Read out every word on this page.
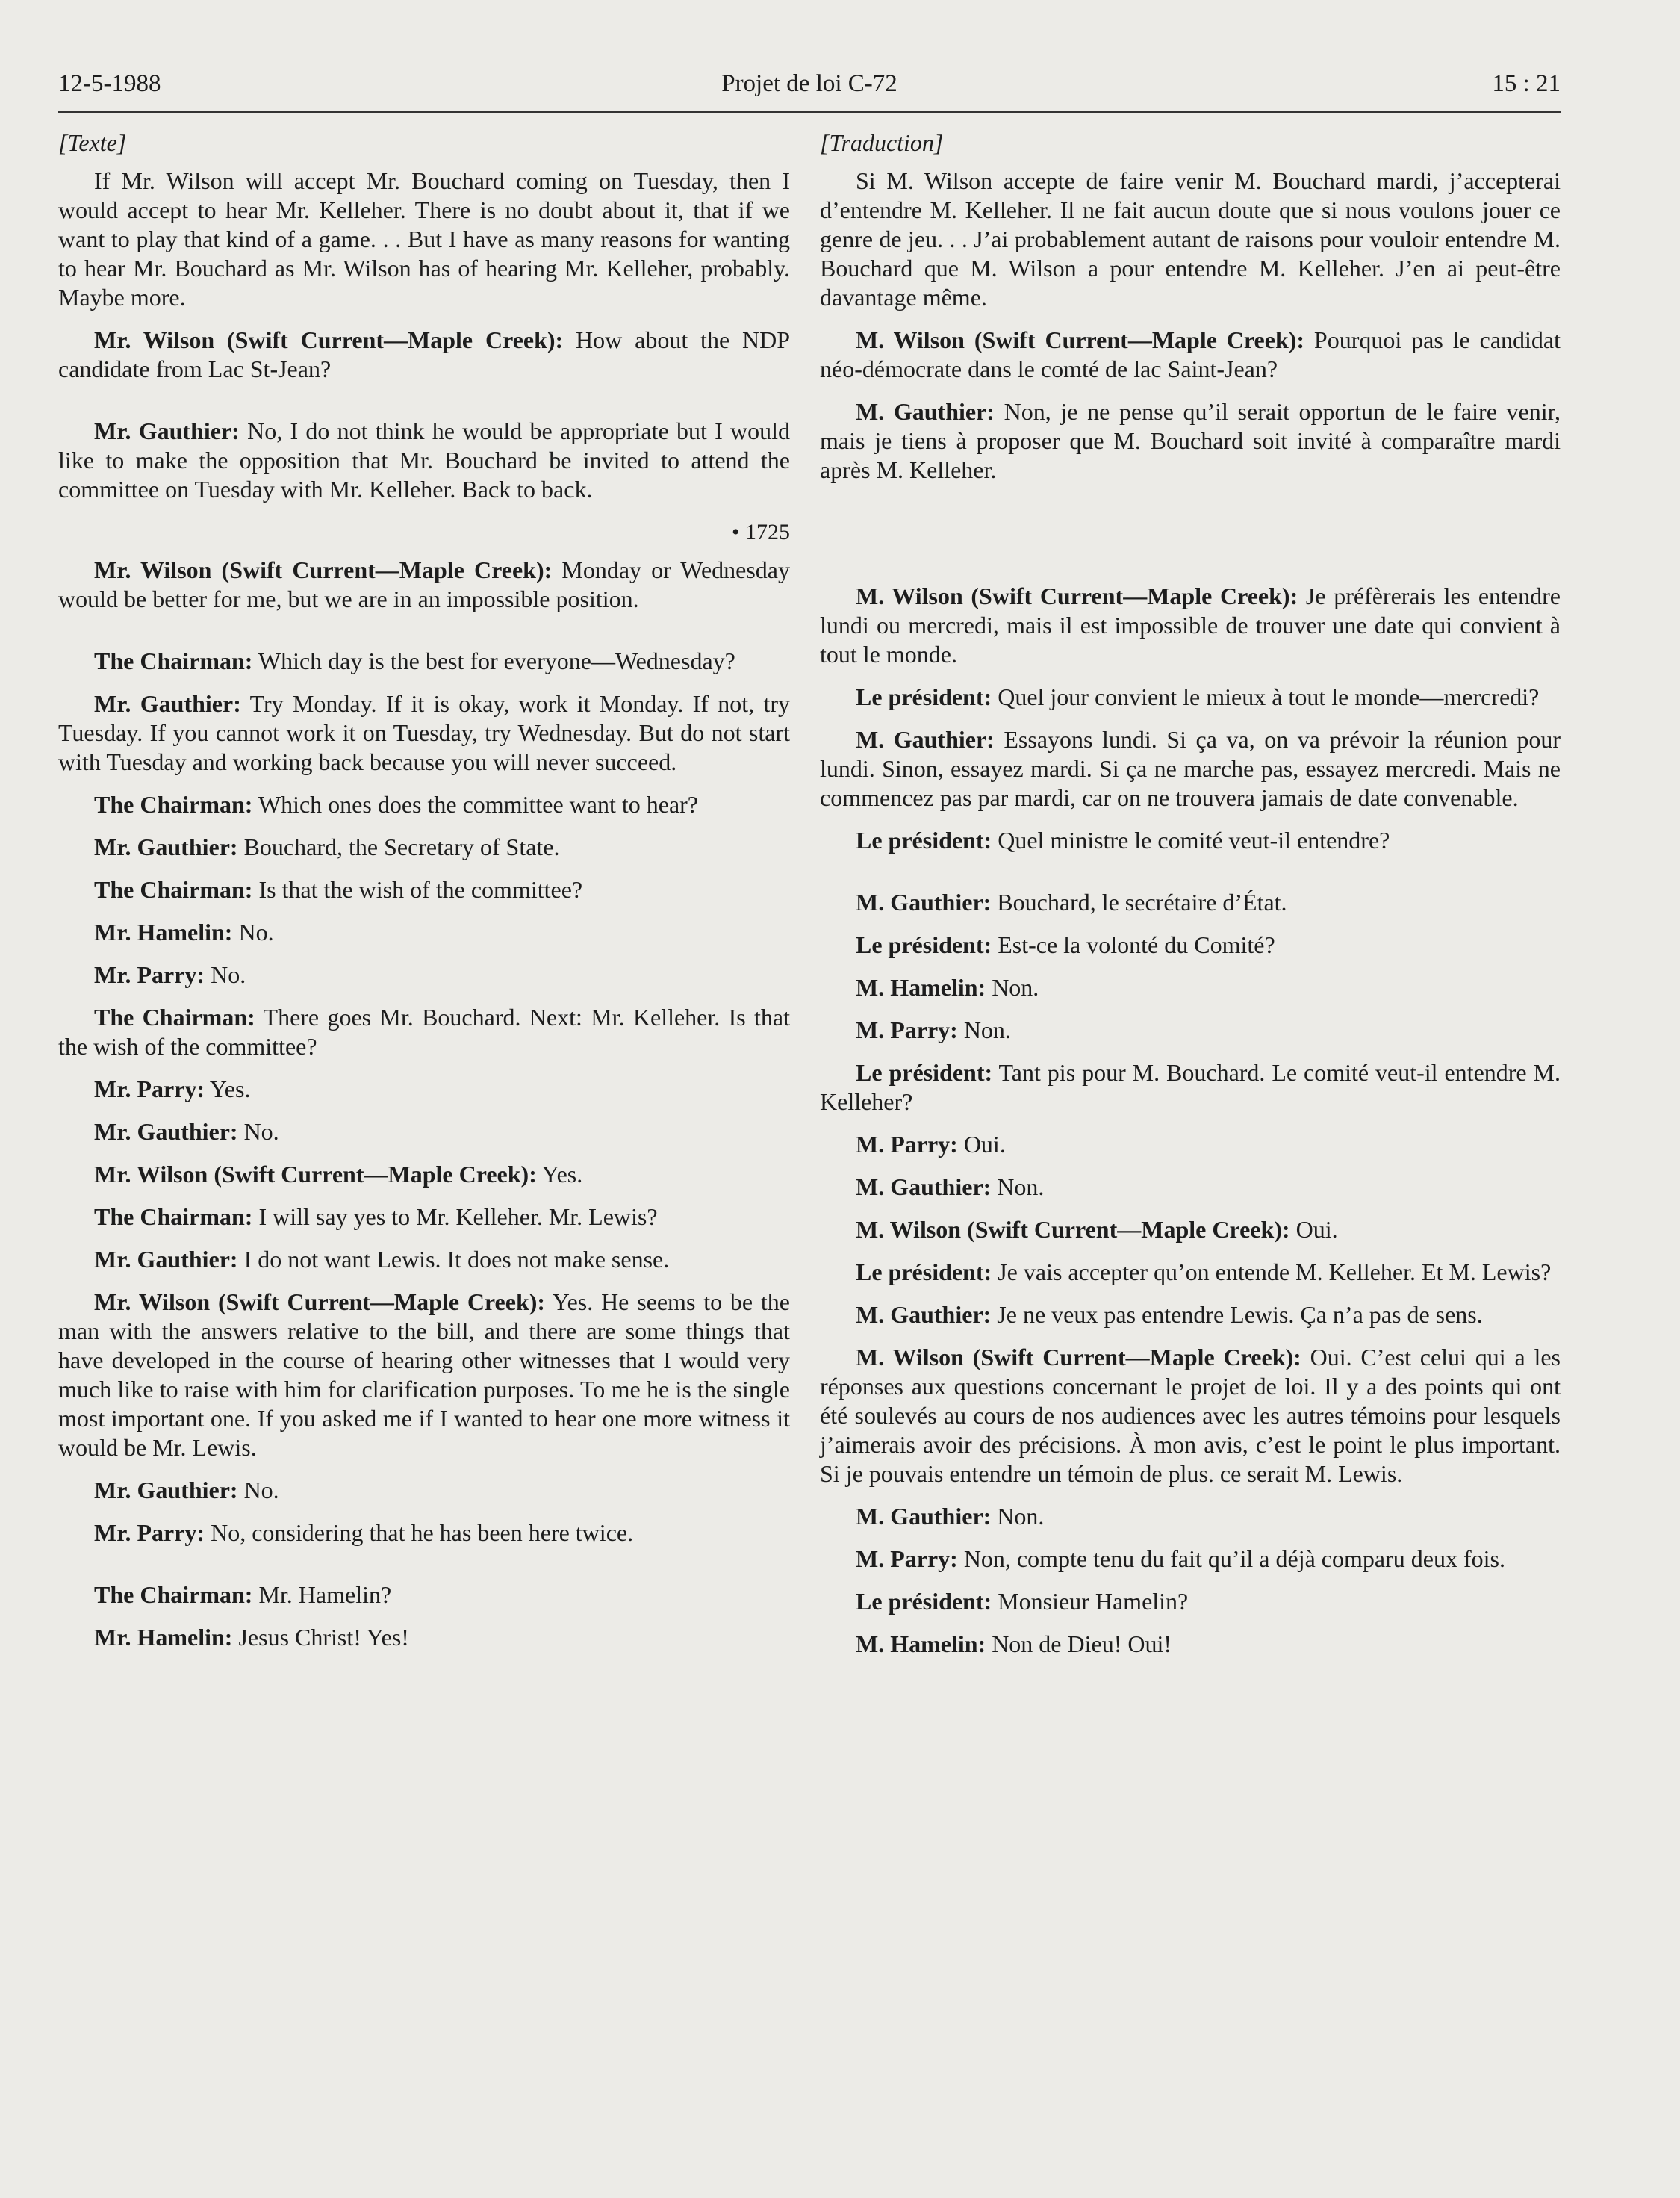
12-5-1988	Projet de loi C-72	15 : 21
[Texte]

If Mr. Wilson will accept Mr. Bouchard coming on Tuesday, then I would accept to hear Mr. Kelleher. There is no doubt about it, that if we want to play that kind of a game. . . But I have as many reasons for wanting to hear Mr. Bouchard as Mr. Wilson has of hearing Mr. Kelleher, probably. Maybe more.

Mr. Wilson (Swift Current—Maple Creek): How about the NDP candidate from Lac St-Jean?

Mr. Gauthier: No, I do not think he would be appropriate but I would like to make the opposition that Mr. Bouchard be invited to attend the committee on Tuesday with Mr. Kelleher. Back to back.

• 1725

Mr. Wilson (Swift Current—Maple Creek): Monday or Wednesday would be better for me, but we are in an impossible position.

The Chairman: Which day is the best for everyone—Wednesday?

Mr. Gauthier: Try Monday. If it is okay, work it Monday. If not, try Tuesday. If you cannot work it on Tuesday, try Wednesday. But do not start with Tuesday and working back because you will never succeed.

The Chairman: Which ones does the committee want to hear?

Mr. Gauthier: Bouchard, the Secretary of State.

The Chairman: Is that the wish of the committee?

Mr. Hamelin: No.

Mr. Parry: No.

The Chairman: There goes Mr. Bouchard. Next: Mr. Kelleher. Is that the wish of the committee?

Mr. Parry: Yes.

Mr. Gauthier: No.

Mr. Wilson (Swift Current—Maple Creek): Yes.

The Chairman: I will say yes to Mr. Kelleher. Mr. Lewis?

Mr. Gauthier: I do not want Lewis. It does not make sense.

Mr. Wilson (Swift Current—Maple Creek): Yes. He seems to be the man with the answers relative to the bill, and there are some things that have developed in the course of hearing other witnesses that I would very much like to raise with him for clarification purposes. To me he is the single most important one. If you asked me if I wanted to hear one more witness it would be Mr. Lewis.

Mr. Gauthier: No.

Mr. Parry: No, considering that he has been here twice.

The Chairman: Mr. Hamelin?

Mr. Hamelin: Jesus Christ! Yes!

[Traduction]

Si M. Wilson accepte de faire venir M. Bouchard mardi, j’accepterai d’entendre M. Kelleher. Il ne fait aucun doute que si nous voulons jouer ce genre de jeu. . . J’ai probablement autant de raisons pour vouloir entendre M. Bouchard que M. Wilson a pour entendre M. Kelleher. J’en ai peut-être davantage même.

M. Wilson (Swift Current—Maple Creek): Pourquoi pas le candidat néo-démocrate dans le comté de lac Saint-Jean?

M. Gauthier: Non, je ne pense qu’il serait opportun de le faire venir, mais je tiens à proposer que M. Bouchard soit invité à comparaître mardi après M. Kelleher.

M. Wilson (Swift Current—Maple Creek): Je préfèrerais les entendre lundi ou mercredi, mais il est impossible de trouver une date qui convient à tout le monde.

Le président: Quel jour convient le mieux à tout le monde—mercredi?

M. Gauthier: Essayons lundi. Si ça va, on va prévoir la réunion pour lundi. Sinon, essayez mardi. Si ça ne marche pas, essayez mercredi. Mais ne commencez pas par mardi, car on ne trouvera jamais de date convenable.

Le président: Quel ministre le comité veut-il entendre?

M. Gauthier: Bouchard, le secrétaire d’État.

Le président: Est-ce la volonté du Comité?

M. Hamelin: Non.

M. Parry: Non.

Le président: Tant pis pour M. Bouchard. Le comité veut-il entendre M. Kelleher?

M. Parry: Oui.

M. Gauthier: Non.

M. Wilson (Swift Current—Maple Creek): Oui.

Le président: Je vais accepter qu’on entende M. Kelleher. Et M. Lewis?

M. Gauthier: Je ne veux pas entendre Lewis. Ça n’a pas de sens.

M. Wilson (Swift Current—Maple Creek): Oui. C’est celui qui a les réponses aux questions concernant le projet de loi. Il y a des points qui ont été soulevés au cours de nos audiences avec les autres témoins pour lesquels j’aimerais avoir des précisions. À mon avis, c’est le point le plus important. Si je pouvais entendre un témoin de plus. ce serait M. Lewis.

M. Gauthier: Non.

M. Parry: Non, compte tenu du fait qu’il a déjà comparu deux fois.

Le président: Monsieur Hamelin?

M. Hamelin: Non de Dieu! Oui!
